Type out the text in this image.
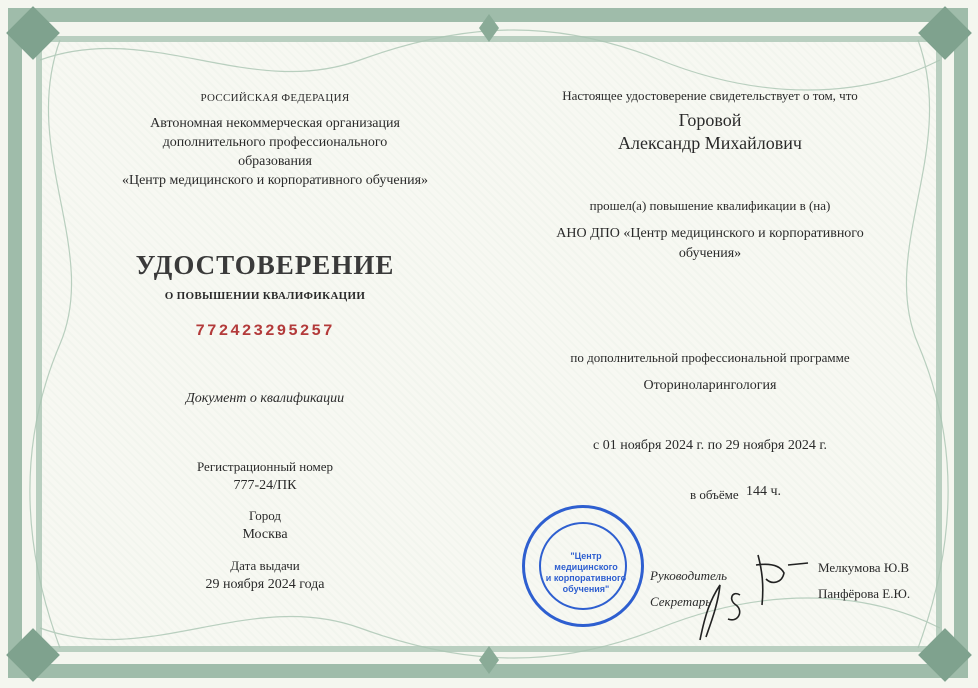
РОССИЙСКАЯ ФЕДЕРАЦИЯ
Автономная некоммерческая организация
дополнительного профессионального
образования
«Центр медицинского и корпоративного обучения»
УДОСТОВЕРЕНИЕ
О ПОВЫШЕНИИ КВАЛИФИКАЦИИ
772423295257
Документ о квалификации
Регистрационный номер
777-24/ПК
Город
Москва
Дата выдачи
29 ноября 2024 года
Настоящее удостоверение свидетельствует о том, что
Горовой
Александр Михайлович
прошел(а) повышение квалификации в (на)
АНО ДПО «Центр медицинского и корпоративного
обучения»
по дополнительной профессиональной программе
Оториноларингология
с 01 ноября 2024 г. по 29 ноября 2024 г.
в объёме 144 ч.
Руководитель
Секретарь
Мелкумова Ю.В
Панфёрова Е.Ю.
"Центр
медицинского
и корпоративного
обучения"
